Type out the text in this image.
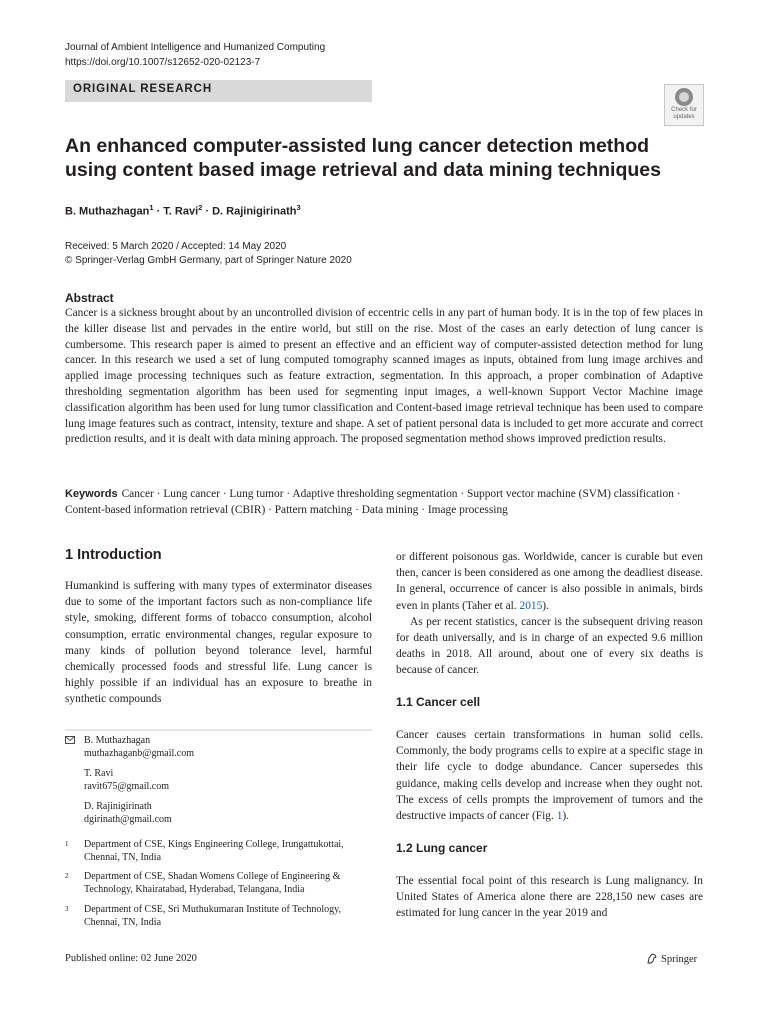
Journal of Ambient Intelligence and Humanized Computing
https://doi.org/10.1007/s12652-020-02123-7
ORIGINAL RESEARCH
Check for
updates
An enhanced computer-assisted lung cancer detection method using content based image retrieval and data mining techniques
B. Muthazhagan$^1$ · T. Ravi$^2$ · D. Rajinigirinath$^3$
Received: 5 March 2020 / Accepted: 14 May 2020
© Springer-Verlag GmbH Germany, part of Springer Nature 2020
Abstract
Cancer is a sickness brought about by an uncontrolled division of eccentric cells in any part of human body. It is in the top of few places in the killer disease list and pervades in the entire world, but still on the rise. Most of the cases an early detection of lung cancer is cumbersome. This research paper is aimed to present an effective and an efficient way of computer-assisted detection method for lung cancer. In this research we used a set of lung computed tomography scanned images as inputs, obtained from lung image archives and applied image processing techniques such as feature extraction, segmentation. In this approach, a proper combination of Adaptive thresholding segmentation algorithm has been used for segmenting input images, a well-known Support Vector Machine image classification algorithm has been used for lung tumor classification and Content-based image retrieval technique has been used to compare lung image features such as contract, intensity, texture and shape. A set of patient personal data is included to get more accurate and correct prediction results, and it is dealt with data mining approach. The proposed segmentation method shows improved prediction results.
Keywords Cancer · Lung cancer · Lung tumor · Adaptive thresholding segmentation · Support vector machine (SVM) classification · Content-based information retrieval (CBIR) · Pattern matching · Data mining · Image processing
1 Introduction

Humankind is suffering with many types of exterminator diseases due to some of the important factors such as non-compliance life style, smoking, different forms of tobacco consumption, alcohol consumption, erratic environmental changes, regular exposure to many kinds of pollution beyond tolerance level, harmful chemically processed foods and stressful life. Lung cancer is highly possible if an individual has an exposure to breathe in synthetic compounds

B. Muthazhagan
muthazhaganb@gmail.com
T. Ravi
ravit675@gmail.com
D. Rajinigirinath
dgirinath@gmail.com
1 Department of CSE, Kings Engineering College, Irungattukottai, Chennai, TN, India
2 Department of CSE, Shadan Womens College of Engineering & Technology, Khairatabad, Hyderabad, Telangana, India
3 Department of CSE, Sri Muthukumaran Institute of Technology, Chennai, TN, India

or different poisonous gas. Worldwide, cancer is curable but even then, cancer is been considered as one among the deadliest disease. In general, occurrence of cancer is also possible in animals, birds even in plants (Taher et al. 2015).

As per recent statistics, cancer is the subsequent driving reason for death universally, and is in charge of an expected 9.6 million deaths in 2018. All around, about one of every six deaths is because of cancer.

1.1 Cancer cell

Cancer causes certain transformations in human solid cells. Commonly, the body programs cells to expire at a specific stage in their life cycle to dodge abundance. Cancer supersedes this guidance, making cells develop and increase when they ought not. The excess of cells prompts the improvement of tumors and the destructive impacts of cancer (Fig. 1).

1.2 Lung cancer

The essential focal point of this research is Lung malignancy. In United States of America alone there are 228,150 new cases are estimated for lung cancer in the year 2019 and

Published online: 02 June 2020	Springer
